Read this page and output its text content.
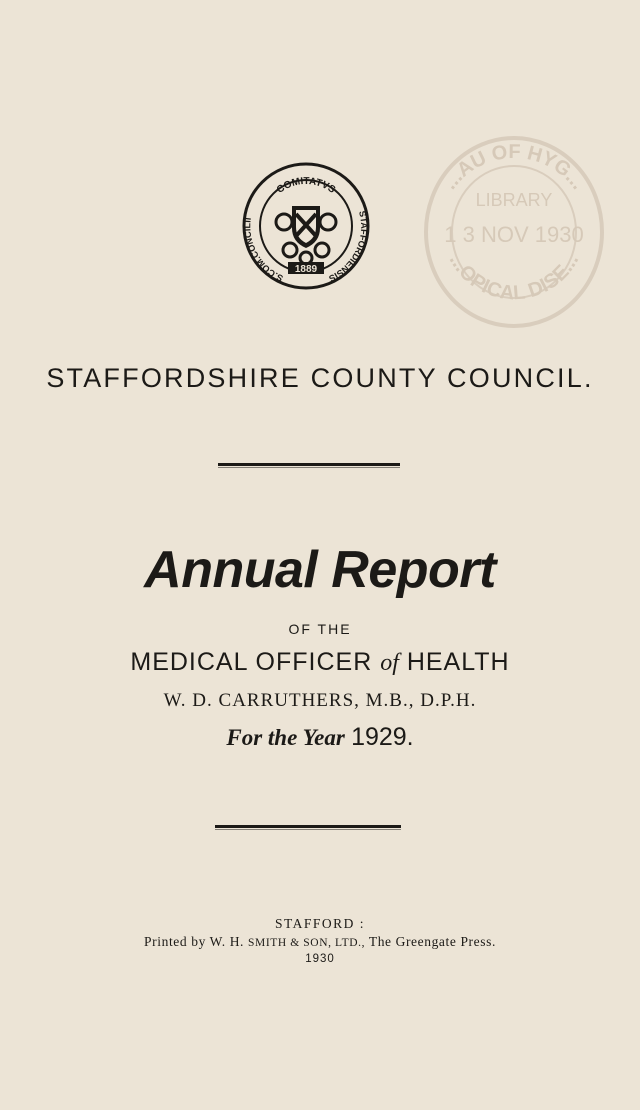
COMITATVS
S.COM.CONCILII
STAFFORDIENSIS
1889
...AU OF HYG...
...OPICAL DISE...
LIBRARY
1 3 NOV 1930
STAFFORDSHIRE COUNTY COUNCIL.
Annual Report
OF THE
MEDICAL OFFICER of HEALTH
W. D. CARRUTHERS, M.B., D.P.H.
For the Year 1929.
STAFFORD :
Printed by W. H. SMITH & SON, LTD., The Greengate Press.
1930
